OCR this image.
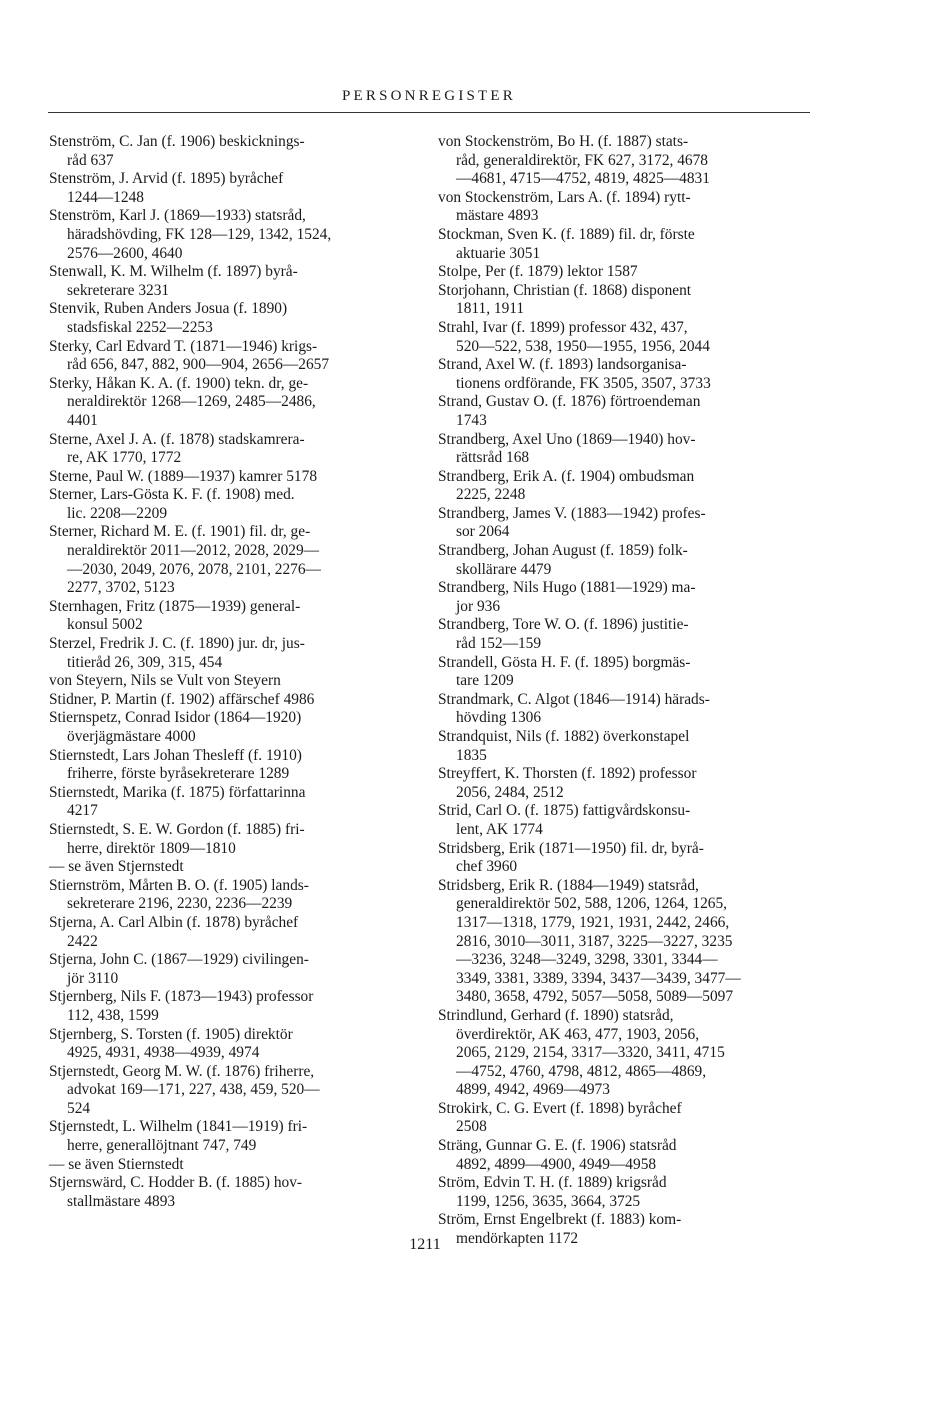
PERSONREGISTER

Stenström, C. Jan (f. 1906) beskicknings-
råd 637

Stenström, J. Arvid (f. 1895) byråchef
1244—1248

Stenström, Karl J. (1869—1933) statsråd,
häradshövding, FK 128—129, 1342, 1524,
2576—2600, 4640

Stenwall, K. M. Wilhelm (f. 1897) byrå-
sekreterare 3231

Stenvik, Ruben Anders Josua (f. 1890)
stadsfiskal 2252—2253

Sterky, Carl Edvard T. (1871—1946) krigs-
råd 656, 847, 882, 900—904, 2656—2657

Sterky, Håkan K. A. (f. 1900) tekn. dr, ge-
neraldirektör 1268—1269, 2485—2486,
4401

Sterne, Axel J. A. (f. 1878) stadskamrera-
re, AK 1770, 1772

Sterne, Paul W. (1889—1937) kamrer 5178

Sterner, Lars-Gösta K. F. (f. 1908) med.
lic. 2208—2209

Sterner, Richard M. E. (f. 1901) fil. dr, ge-
neraldirektör 2011—2012, 2028, 2029—
—2030, 2049, 2076, 2078, 2101, 2276—
2277, 3702, 5123

Sternhagen, Fritz (1875—1939) general-
konsul 5002

Sterzel, Fredrik J. C. (f. 1890) jur. dr, jus-
titieråd 26, 309, 315, 454

von Steyern, Nils se Vult von Steyern

Stidner, P. Martin (f. 1902) affärschef 4986

Stiernspetz, Conrad Isidor (1864—1920)
överjägmästare 4000

Stiernstedt, Lars Johan Thesleff (f. 1910)
friherre, förste byråsekreterare 1289

Stiernstedt, Marika (f. 1875) författarinna
4217

Stiernstedt, S. E. W. Gordon (f. 1885) fri-
herre, direktör 1809—1810

— se även Stjernstedt

Stiernström, Mårten B. O. (f. 1905) lands-
sekreterare 2196, 2230, 2236—2239

Stjerna, A. Carl Albin (f. 1878) byråchef
2422

Stjerna, John C. (1867—1929) civilingen-
jör 3110

Stjernberg, Nils F. (1873—1943) professor
112, 438, 1599

Stjernberg, S. Torsten (f. 1905) direktör
4925, 4931, 4938—4939, 4974

Stjernstedt, Georg M. W. (f. 1876) friherre,
advokat 169—171, 227, 438, 459, 520—
524

Stjernstedt, L. Wilhelm (1841—1919) fri-
herre, generallöjtnant 747, 749

— se även Stiernstedt

Stjernswärd, C. Hodder B. (f. 1885) hov-
stallmästare 4893

von Stockenström, Bo H. (f. 1887) stats-
råd, generaldirektör, FK 627, 3172, 4678
—4681, 4715—4752, 4819, 4825—4831

von Stockenström, Lars A. (f. 1894) rytt-
mästare 4893

Stockman, Sven K. (f. 1889) fil. dr, förste
aktuarie 3051

Stolpe, Per (f. 1879) lektor 1587

Storjohann, Christian (f. 1868) disponent
1811, 1911

Strahl, Ivar (f. 1899) professor 432, 437,
520—522, 538, 1950—1955, 1956, 2044

Strand, Axel W. (f. 1893) landsorganisa-
tionens ordförande, FK 3505, 3507, 3733

Strand, Gustav O. (f. 1876) förtroendeman
1743

Strandberg, Axel Uno (1869—1940) hov-
rättsråd 168

Strandberg, Erik A. (f. 1904) ombudsman
2225, 2248

Strandberg, James V. (1883—1942) profes-
sor 2064

Strandberg, Johan August (f. 1859) folk-
skollärare 4479

Strandberg, Nils Hugo (1881—1929) ma-
jor 936

Strandberg, Tore W. O. (f. 1896) justitie-
råd 152—159

Strandell, Gösta H. F. (f. 1895) borgmäs-
tare 1209

Strandmark, C. Algot (1846—1914) härads-
hövding 1306

Strandquist, Nils (f. 1882) överkonstapel
1835

Streyffert, K. Thorsten (f. 1892) professor
2056, 2484, 2512

Strid, Carl O. (f. 1875) fattigvårdskonsu-
lent, AK 1774

Stridsberg, Erik (1871—1950) fil. dr, byrå-
chef 3960

Stridsberg, Erik R. (1884—1949) statsråd,
generaldirektör 502, 588, 1206, 1264, 1265,
1317—1318, 1779, 1921, 1931, 2442, 2466,
2816, 3010—3011, 3187, 3225—3227, 3235
—3236, 3248—3249, 3298, 3301, 3344—
3349, 3381, 3389, 3394, 3437—3439, 3477—
3480, 3658, 4792, 5057—5058, 5089—5097

Strindlund, Gerhard (f. 1890) statsråd,
överdirektör, AK 463, 477, 1903, 2056,
2065, 2129, 2154, 3317—3320, 3411, 4715
—4752, 4760, 4798, 4812, 4865—4869,
4899, 4942, 4969—4973

Strokirk, C. G. Evert (f. 1898) byråchef
2508

Sträng, Gunnar G. E. (f. 1906) statsråd
4892, 4899—4900, 4949—4958

Ström, Edvin T. H. (f. 1889) krigsråd
1199, 1256, 3635, 3664, 3725

Ström, Ernst Engelbrekt (f. 1883) kom-
mendörkapten 1172

1211
